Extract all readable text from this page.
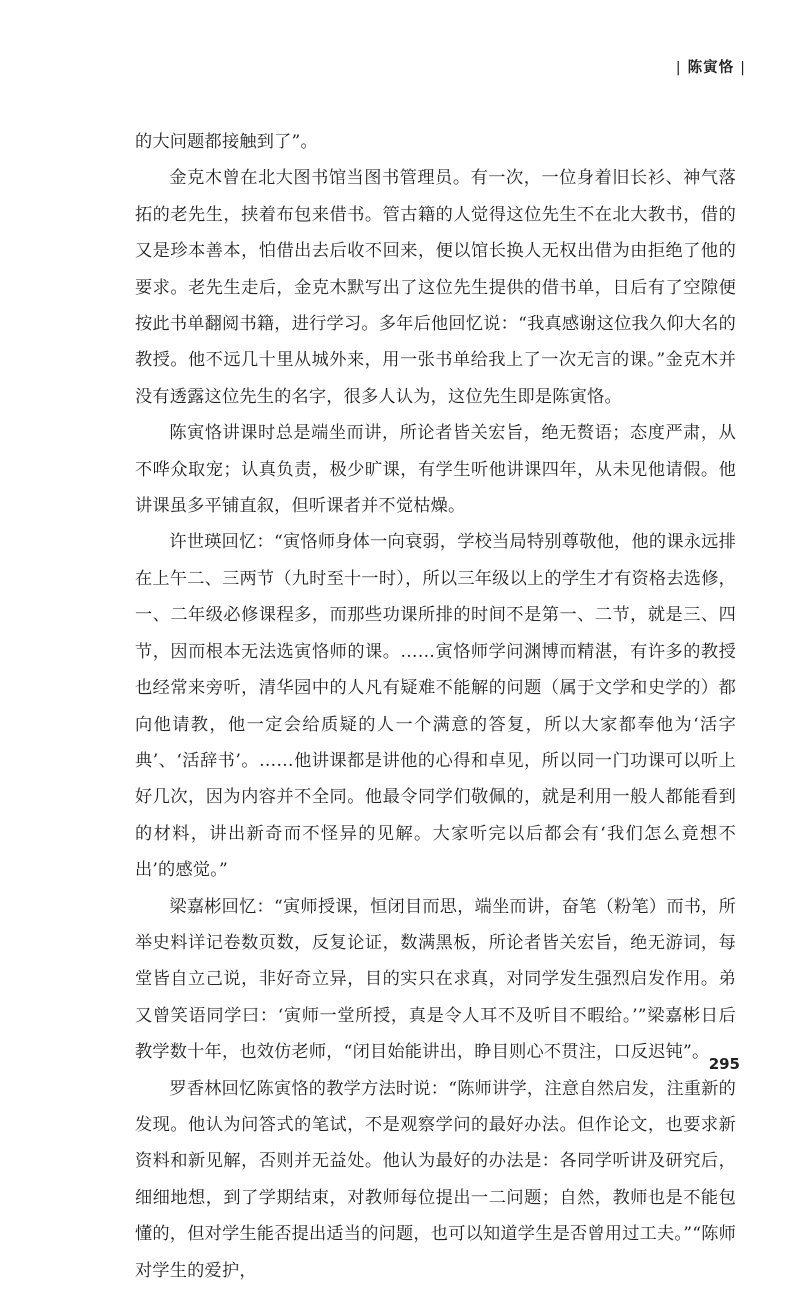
| 陈寅恪 |

的大问题都接触到了”。

金克木曾在北大图书馆当图书管理员。有一次，一位身着旧长衫、神气落拓的老先生，挟着布包来借书。管古籍的人觉得这位先生不在北大教书，借的又是珍本善本，怕借出去后收不回来，便以馆长换人无权出借为由拒绝了他的要求。老先生走后，金克木默写出了这位先生提供的借书单，日后有了空隙便按此书单翻阅书籍，进行学习。多年后他回忆说：“我真感谢这位我久仰大名的教授。他不远几十里从城外来，用一张书单给我上了一次无言的课。”金克木并没有透露这位先生的名字，很多人认为，这位先生即是陈寅恪。

陈寅恪讲课时总是端坐而讲，所论者皆关宏旨，绝无赘语；态度严肃，从不哗众取宠；认真负责，极少旷课，有学生听他讲课四年，从未见他请假。他讲课虽多平铺直叙，但听课者并不觉枯燥。

许世瑛回忆：“寅恪师身体一向衰弱，学校当局特别尊敬他，他的课永远排在上午二、三两节（九时至十一时），所以三年级以上的学生才有资格去选修，一、二年级必修课程多，而那些功课所排的时间不是第一、二节，就是三、四节，因而根本无法选寅恪师的课。……寅恪师学问渊博而精湛，有许多的教授也经常来旁听，清华园中的人凡有疑难不能解的问题（属于文学和史学的）都向他请教，他一定会给质疑的人一个满意的答复，所以大家都奉他为‘活字典’、‘活辞书’。……他讲课都是讲他的心得和卓见，所以同一门功课可以听上好几次，因为内容并不全同。他最令同学们敬佩的，就是利用一般人都能看到的材料，讲出新奇而不怪异的见解。大家听完以后都会有‘我们怎么竟想不出’的感觉。”

梁嘉彬回忆：“寅师授课，恒闭目而思，端坐而讲，奋笔（粉笔）而书，所举史料详记卷数页数，反复论证，数满黑板，所论者皆关宏旨，绝无游词，每堂皆自立己说，非好奇立异，目的实只在求真，对同学发生强烈启发作用。弟又曾笑语同学曰：‘寅师一堂所授，真是令人耳不及听目不暇给。’”梁嘉彬日后教学数十年，也效仿老师，“闭目始能讲出，睁目则心不贯注，口反迟钝”。

罗香林回忆陈寅恪的教学方法时说：“陈师讲学，注意自然启发，注重新的发现。他认为问答式的笔试，不是观察学问的最好办法。但作论文，也要求新资料和新见解，否则并无益处。他认为最好的办法是：各同学听讲及研究后，细细地想，到了学期结束，对教师每位提出一二问题；自然，教师也是不能包懂的，但对学生能否提出适当的问题，也可以知道学生是否曾用过工夫。”“陈师对学生的爱护，

295
